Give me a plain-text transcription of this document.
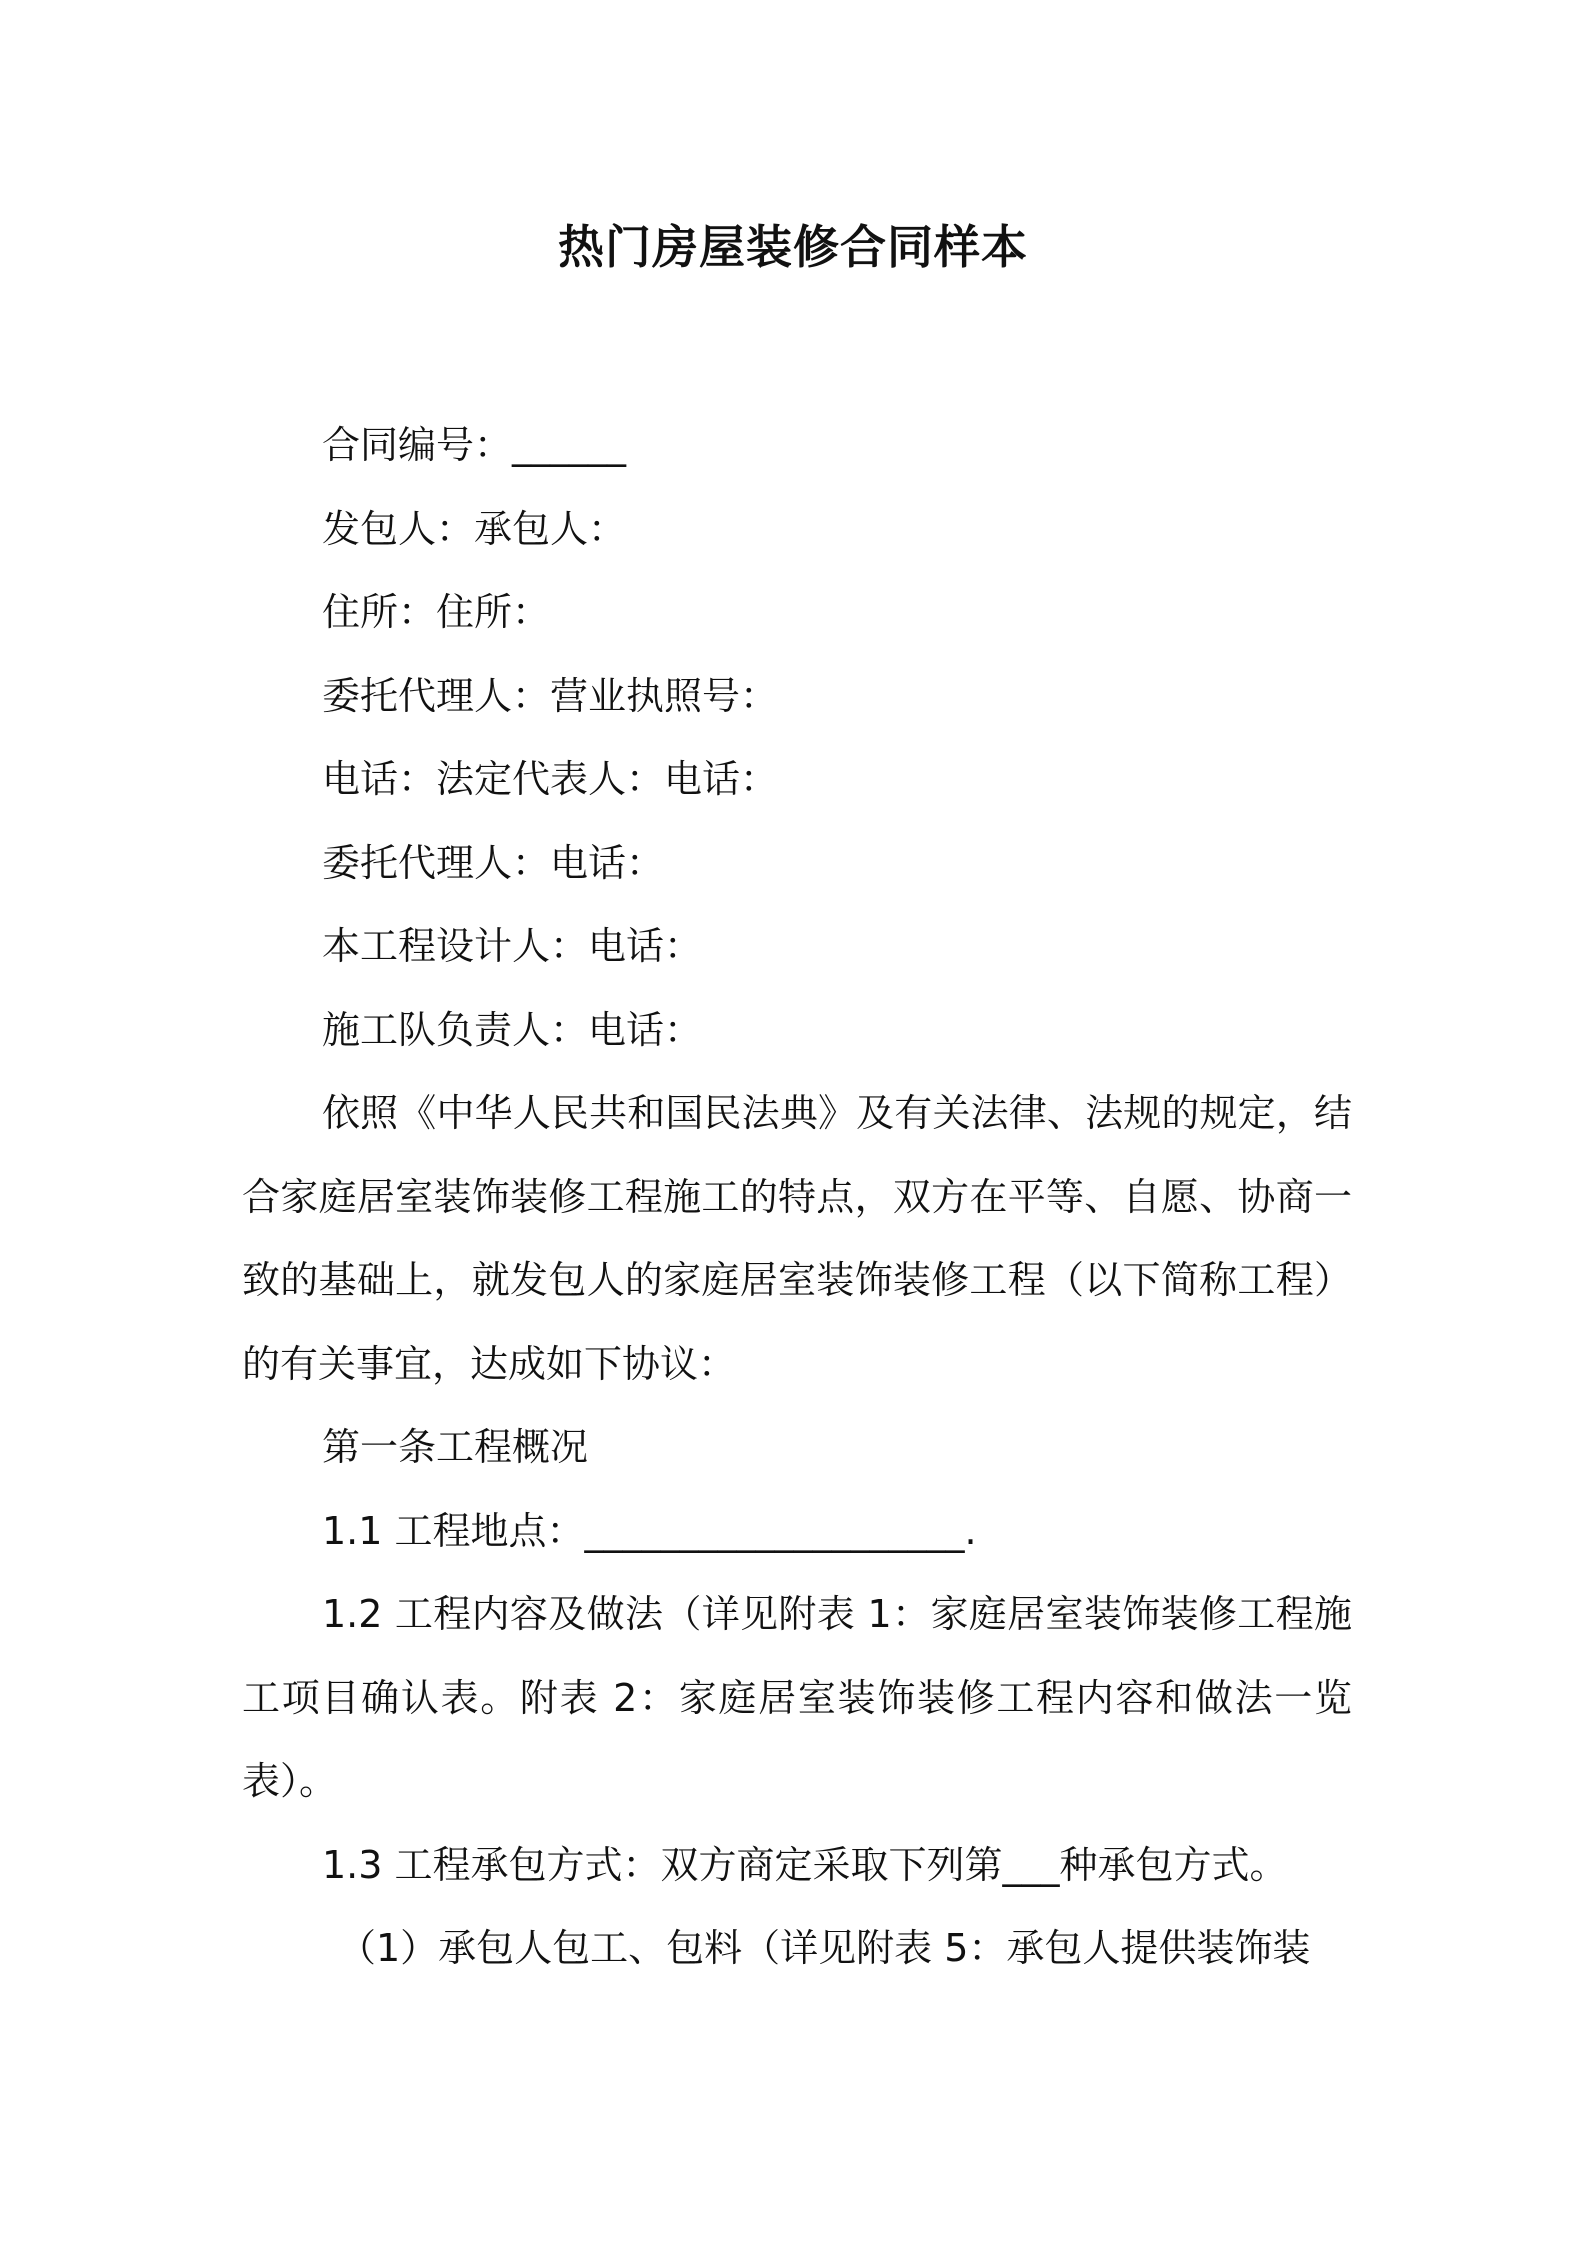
热门房屋装修合同样本

合同编号：______

发包人：承包人：

住所：住所：

委托代理人：营业执照号：

电话：法定代表人：电话：

委托代理人：电话：

本工程设计人：电话：

施工队负责人：电话：

依照《中华人民共和国民法典》及有关法律、法规的规定，结合家庭居室装饰装修工程施工的特点，双方在平等、自愿、协商一致的基础上，就发包人的家庭居室装饰装修工程（以下简称工程）的有关事宜，达成如下协议：

第一条工程概况

1.1 工程地点：____________________.

1.2 工程内容及做法（详见附表 1：家庭居室装饰装修工程施工项目确认表。附表 2：家庭居室装饰装修工程内容和做法一览表）。

1.3 工程承包方式：双方商定采取下列第___种承包方式。

（1）承包人包工、包料（详见附表 5：承包人提供装饰装
